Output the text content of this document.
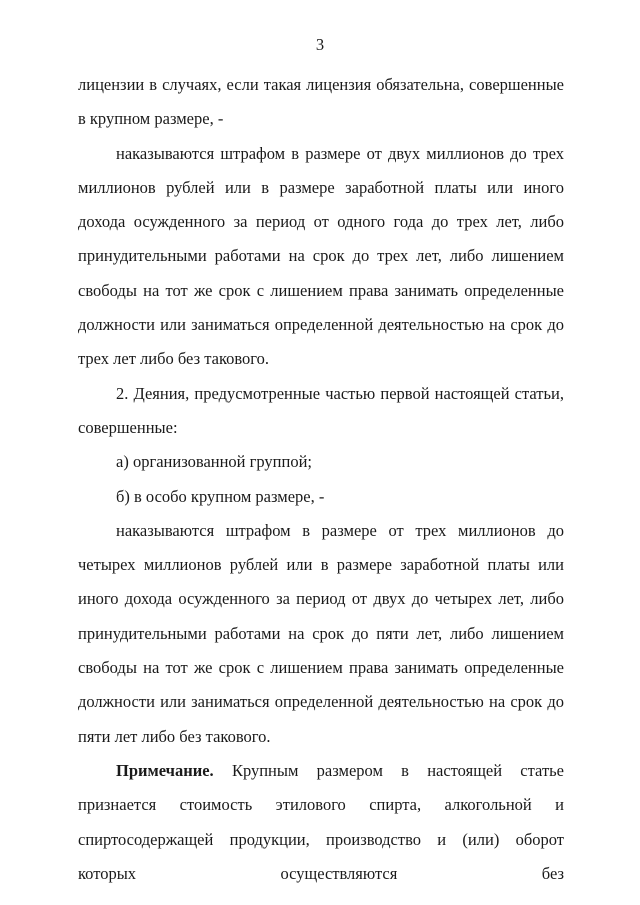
3

лицензии в случаях, если такая лицензия обязательна, совершенные в крупном размере, -

наказываются штрафом в размере от двух миллионов до трех миллионов рублей или в размере заработной платы или иного дохода осужденного за период от одного года до трех лет, либо принудительными работами на срок до трех лет, либо лишением свободы на тот же срок с лишением права занимать определенные должности или заниматься определенной деятельностью на срок до трех лет либо без такового.

2. Деяния, предусмотренные частью первой настоящей статьи, совершенные:

а) организованной группой;

б) в особо крупном размере, -

наказываются штрафом в размере от трех миллионов до четырех миллионов рублей или в размере заработной платы или иного дохода осужденного за период от двух до четырех лет, либо принудительными работами на срок до пяти лет, либо лишением свободы на тот же срок с лишением права занимать определенные должности или заниматься определенной деятельностью на срок до пяти лет либо без такового.

Примечание. Крупным размером в настоящей статье признается стоимость этилового спирта, алкогольной и спиртосодержащей продукции, производство и (или) оборот которых осуществляются без
